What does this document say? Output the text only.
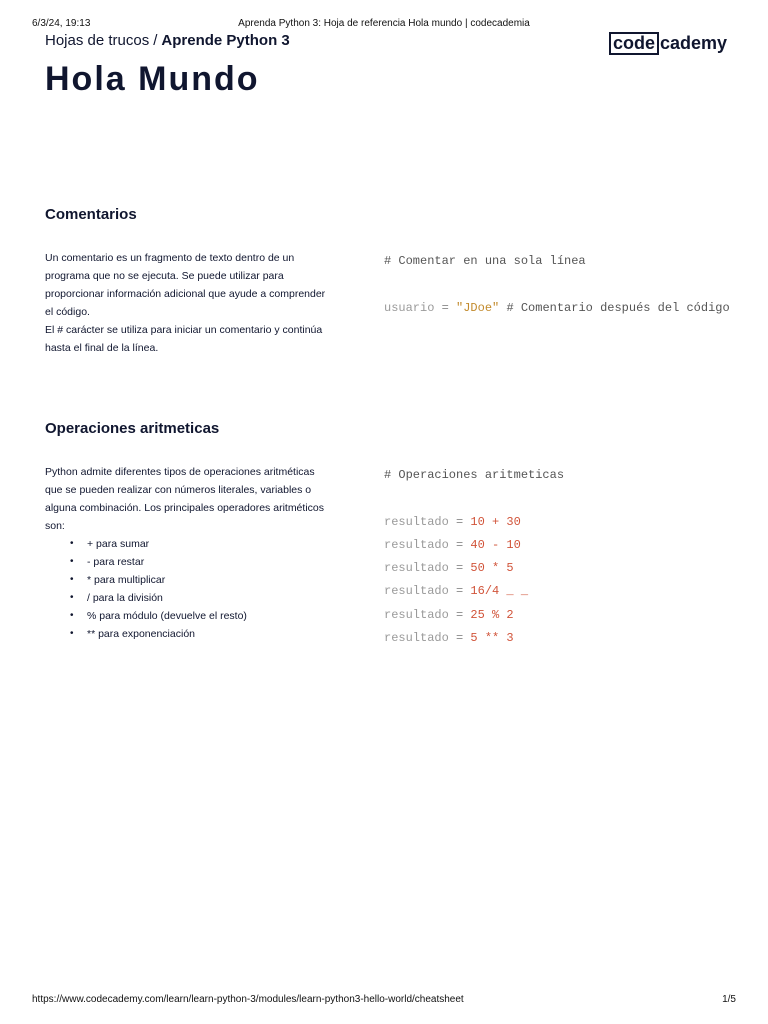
6/3/24, 19:13	Aprenda Python 3: Hoja de referencia Hola mundo | codecademia
Hojas de trucos / Aprende Python 3	code cademy
Hola Mundo
Comentarios

Un comentario es un fragmento de texto dentro de un programa que no se ejecuta. Se puede utilizar para proporcionar información adicional que ayude a comprender el código.

El # carácter se utiliza para iniciar un comentario y continúa hasta el final de la línea.

# Comentar en una sola línea
usuario = "JDoe" # Comentario después del código
Operaciones aritmeticas

Python admite diferentes tipos de operaciones aritméticas que se pueden realizar con números literales, variables o alguna combinación. Los principales operadores aritméticos son:

• + para sumar
• - para restar
• * para multiplicar
• / para la división
• % para módulo (devuelve el resto)
• ** para exponenciación
# Operaciones aritmeticas
resultado = 10 + 30
resultado = 40 - 10
resultado = 50 * 5
resultado = 16/4 _ _
resultado = 25 % 2
resultado = 5 ** 3
https://www.codecademy.com/learn/learn-python-3/modules/learn-python3-hello-world/cheatsheet	1/5
